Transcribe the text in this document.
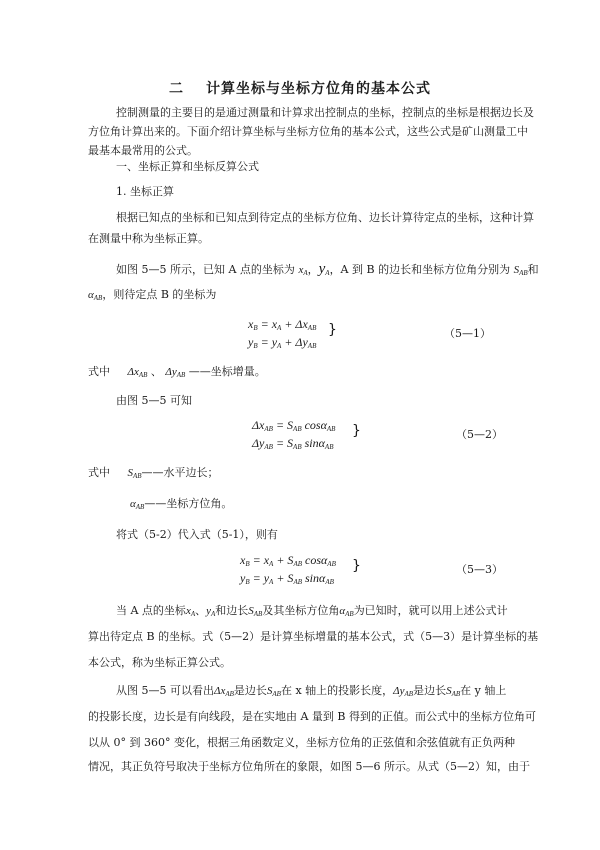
二 计算坐标与坐标方位角的基本公式
控制测量的主要目的是通过测量和计算求出控制点的坐标，控制点的坐标是根据边长及
方位角计算出来的。下面介绍计算坐标与坐标方位角的基本公式，这些公式是矿山测量工中
最基本最常用的公式。
一、坐标正算和坐标反算公式
1. 坐标正算
根据已知点的坐标和已知点到待定点的坐标方位角、边长计算待定点的坐标，这种计算
在测量中称为坐标正算。
如图 5—5 所示，已知 A 点的坐标为 $x_A$，$y_A$，A 到 B 的边长和坐标方位角分别为 $S_{AB}$和
$\alpha_{AB}$，则待定点 B 的坐标为
$x_B = x_A + \Delta x_{AB}$
$y_B = y_A + \Delta y_{AB}$
}	（5—1）
式中 $\Delta x_{AB}$ 、 $\Delta y_{AB}$ ——坐标增量。
由图 5—5 可知
$\Delta x_{AB} = S_{AB}$ cosα$_{AB}$
$\Delta y_{AB} = S_{AB}$ sinα$_{AB}$
}	（5—2）
式中 $S_{AB}——$水平边长；
$\alpha_{AB}——$坐标方位角。
将式（5-2）代入式（5-1），则有
$x_B = x_A + S_{AB}$ cosα$_{AB}$
$y_B = y_A + S_{AB}$ sinα$_{AB}$
}	（5—3）
当 A 点的坐标$x_A$、$y_A$和边长$S_{AB}$及其坐标方位角$\alpha_{AB}$为已知时，就可以用上述公式计
算出待定点 B 的坐标。式（5—2）是计算坐标增量的基本公式，式（5—3）是计算坐标的基
本公式，称为坐标正算公式。
从图 5—5 可以看出$\Delta x_{AB}$是边长$S_{AB}$在 x 轴上的投影长度，$\Delta y_{AB}$是边长$S_{AB}$在 y 轴上
的投影长度，边长是有向线段，是在实地由 A 量到 B 得到的正值。而公式中的坐标方位角可
以从 0° 到 360° 变化，根据三角函数定义，坐标方位角的正弦值和余弦值就有正负两种
情况，其正负符号取决于坐标方位角所在的象限，如图 5—6 所示。从式（5—2）知，由于
